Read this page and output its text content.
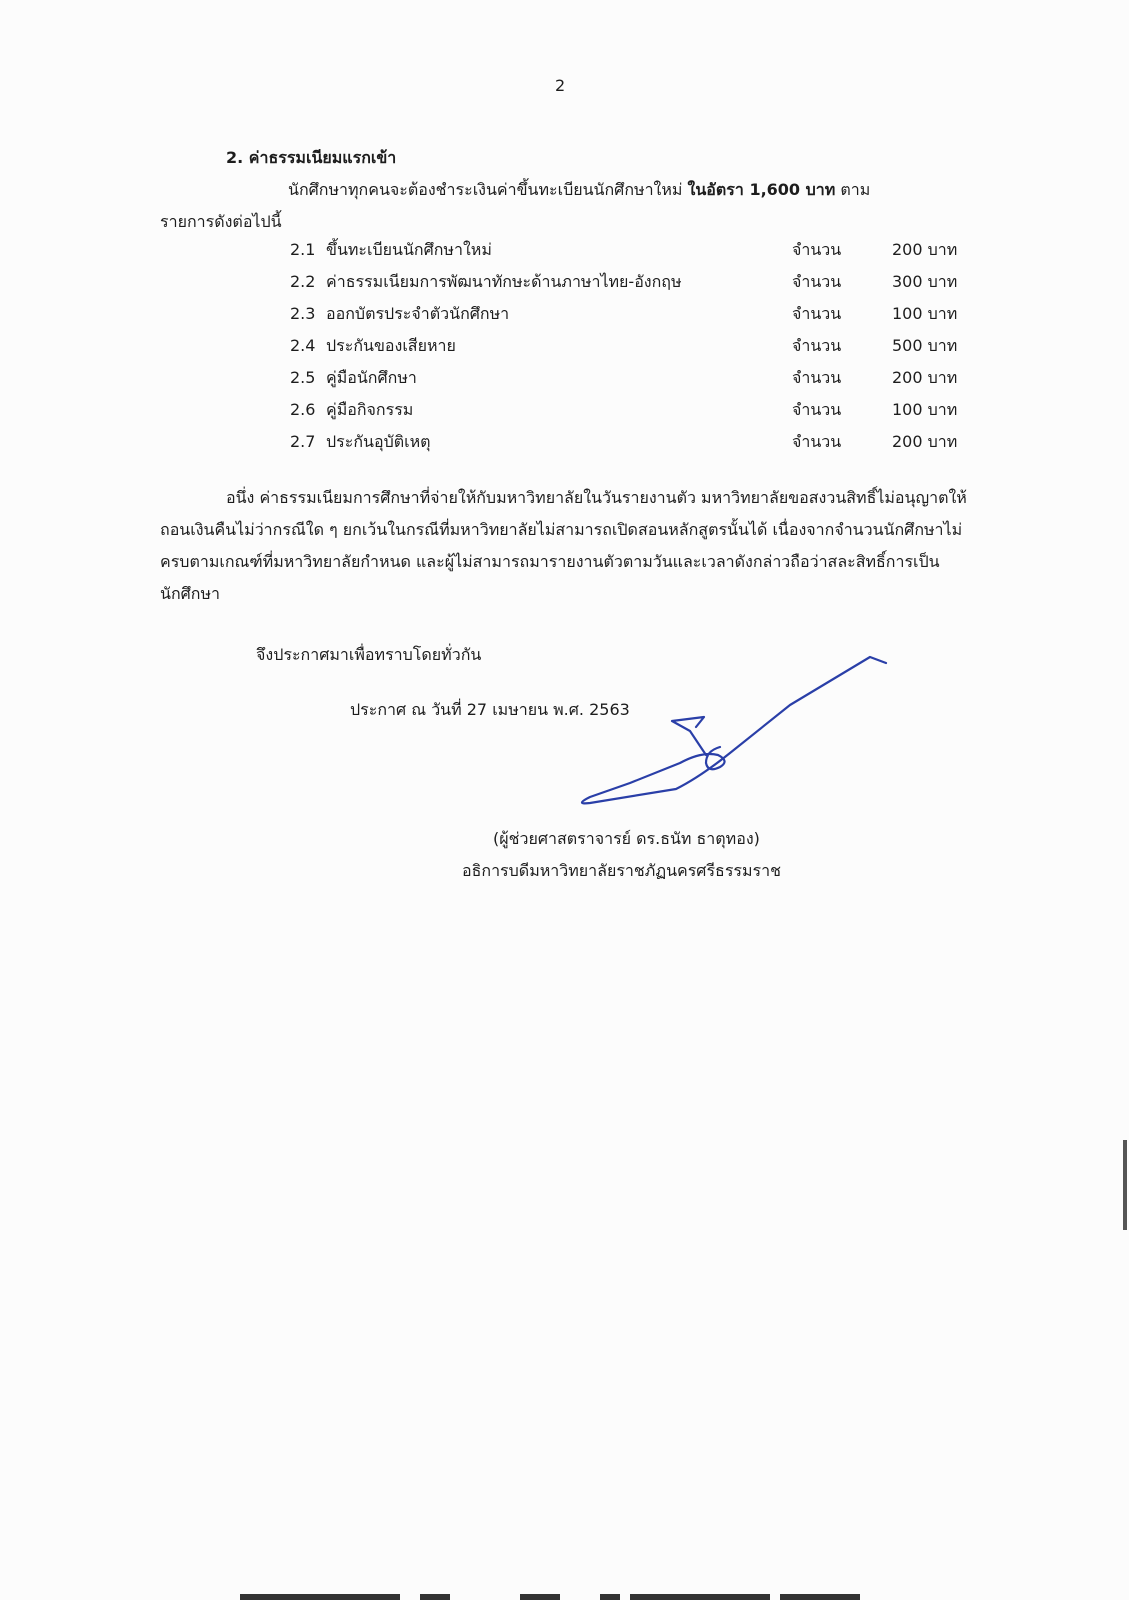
2
2. ค่าธรรมเนียมแรกเข้า
นักศึกษาทุกคนจะต้องชำระเงินค่าขึ้นทะเบียนนักศึกษาใหม่ ในอัตรา 1,600 บาท ตาม
รายการดังต่อไปนี้
2.1 ขึ้นทะเบียนนักศึกษาใหม่	จำนวน	200 บาท
2.2 ค่าธรรมเนียมการพัฒนาทักษะด้านภาษาไทย-อังกฤษ	จำนวน	300 บาท
2.3 ออกบัตรประจำตัวนักศึกษา	จำนวน	100 บาท
2.4 ประกันของเสียหาย	จำนวน	500 บาท
2.5 คู่มือนักศึกษา	จำนวน	200 บาท
2.6 คู่มือกิจกรรม	จำนวน	100 บาท
2.7 ประกันอุบัติเหตุ	จำนวน	200 บาท

อนึ่ง ค่าธรรมเนียมการศึกษาที่จ่ายให้กับมหาวิทยาลัยในวันรายงานตัว มหาวิทยาลัยขอสงวนสิทธิ์ไม่อนุญาตให้ถอนเงินคืนไม่ว่ากรณีใด ๆ ยกเว้นในกรณีที่มหาวิทยาลัยไม่สามารถเปิดสอนหลักสูตรนั้นได้ เนื่องจากจำนวนนักศึกษาไม่ครบตามเกณฑ์ที่มหาวิทยาลัยกำหนด และผู้ไม่สามารถมารายงานตัวตามวันและเวลาดังกล่าวถือว่าสละสิทธิ์การเป็นนักศึกษา

จึงประกาศมาเพื่อทราบโดยทั่วกัน
ประกาศ ณ วันที่ 27 เมษายน พ.ศ. 2563
(ผู้ช่วยศาสตราจารย์ ดร.ธนัท ธาตุทอง)
อธิการบดีมหาวิทยาลัยราชภัฏนครศรีธรรมราช
